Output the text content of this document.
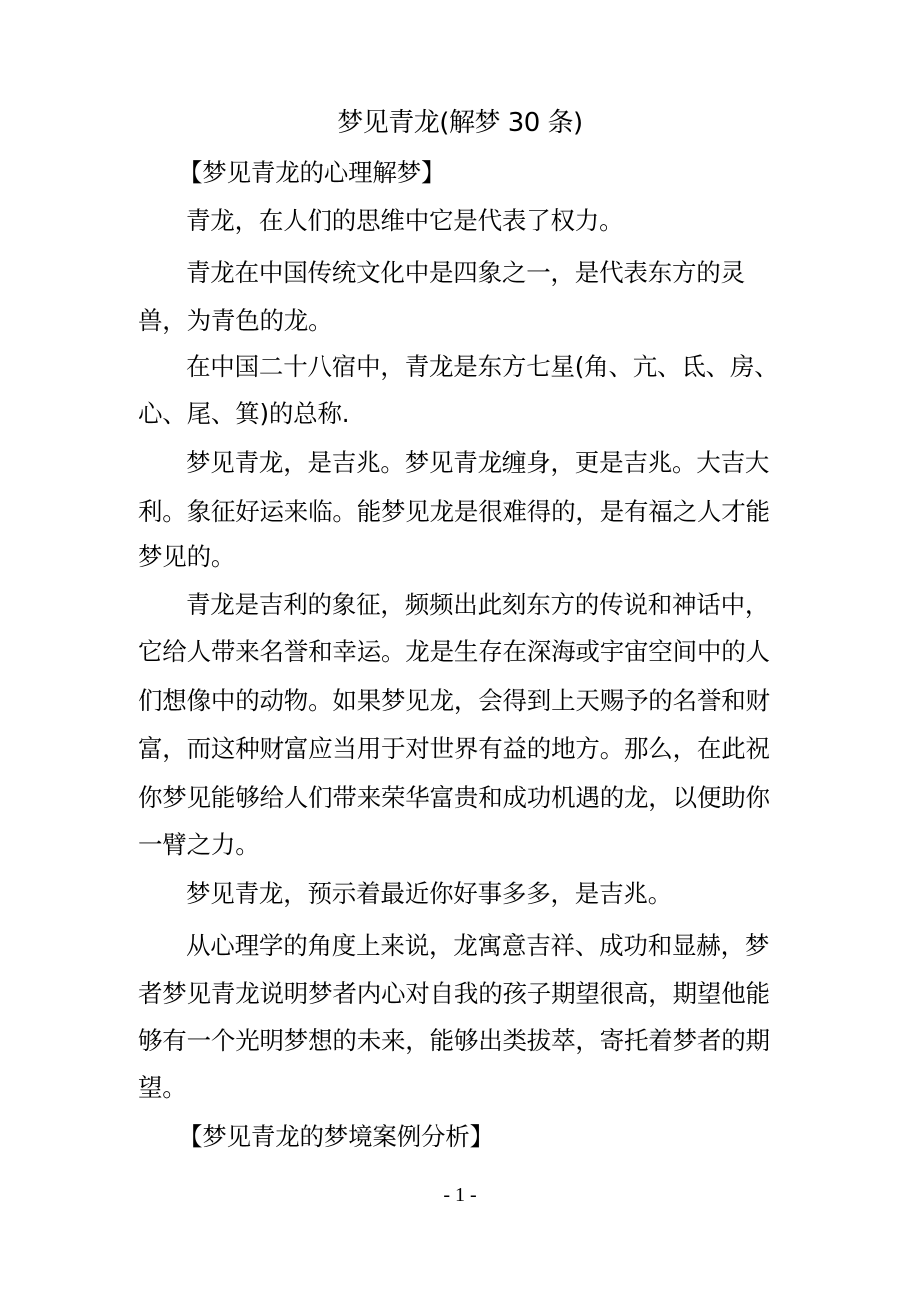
梦见青龙(解梦 30 条)
【梦见青龙的心理解梦】
青龙，在人们的思维中它是代表了权力。
青龙在中国传统文化中是四象之一，是代表东方的灵
兽，为青色的龙。
在中国二十八宿中，青龙是东方七星(角、亢、氐、房、
心、尾、箕)的总称.
梦见青龙，是吉兆。梦见青龙缠身，更是吉兆。大吉大
利。象征好运来临。能梦见龙是很难得的，是有福之人才能
梦见的。
青龙是吉利的象征，频频出此刻东方的传说和神话中，
它给人带来名誉和幸运。龙是生存在深海或宇宙空间中的人
们想像中的动物。如果梦见龙，会得到上天赐予的名誉和财
富，而这种财富应当用于对世界有益的地方。那么，在此祝
你梦见能够给人们带来荣华富贵和成功机遇的龙，以便助你
一臂之力。
梦见青龙，预示着最近你好事多多，是吉兆。
从心理学的角度上来说，龙寓意吉祥、成功和显赫，梦
者梦见青龙说明梦者内心对自我的孩子期望很高，期望他能
够有一个光明梦想的未来，能够出类拔萃，寄托着梦者的期
望。
【梦见青龙的梦境案例分析】
- 1 -
